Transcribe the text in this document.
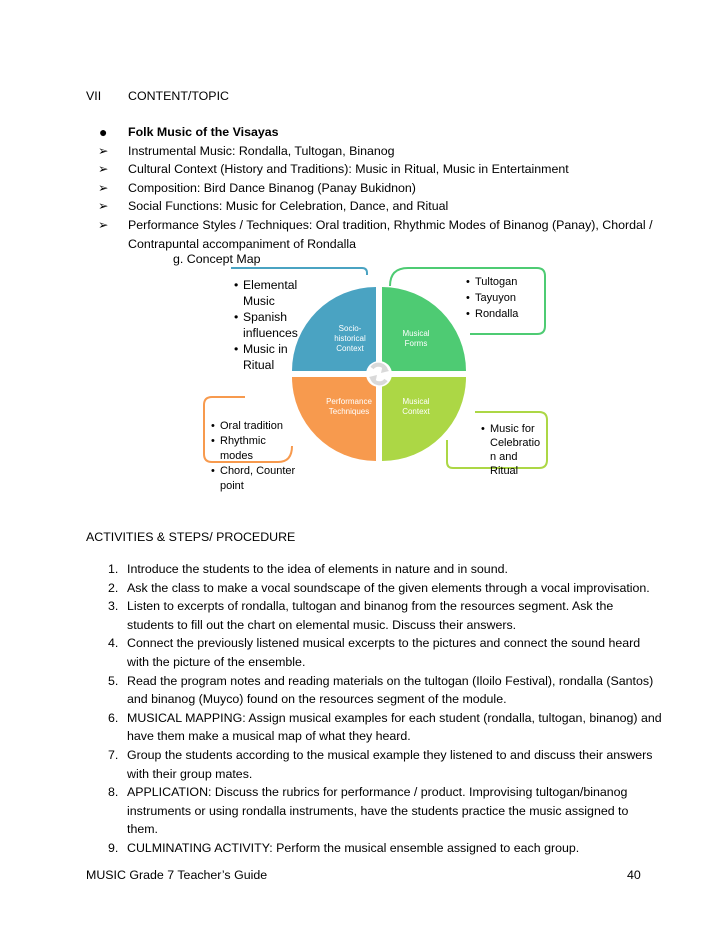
VII CONTENT/TOPIC
●	Folk Music of the Visayas
➢	Instrumental Music: Rondalla, Tultogan, Binanog
➢	Cultural Context (History and Traditions): Music in Ritual, Music in Entertainment
➢	Composition: Bird Dance Binanog (Panay Bukidnon)
➢	Social Functions: Music for Celebration, Dance, and Ritual
➢	Performance Styles / Techniques: Oral tradition, Rhythmic Modes of Binanog (Panay), Chordal /
Contrapuntal accompaniment of Rondalla
g. Concept Map
Socio-
historical
Context
Musical
Forms
Performance
Techniques
Musical
Context
• Elemental
Music
• Spanish
influences
• Music in
Ritual
• Tultogan
• Tayuyon
• Rondalla
• Oral tradition
• Rhythmic
modes
• Chord, Counter
point
• Music for
Celebratio
n and
Ritual
ACTIVITIES & STEPS/ PROCEDURE
1. Introduce the students to the idea of elements in nature and in sound.
2. Ask the class to make a vocal soundscape of the given elements through a vocal improvisation.
3. Listen to excerpts of rondalla, tultogan and binanog from the resources segment. Ask the
students to fill out the chart on elemental music. Discuss their answers.
4. Connect the previously listened musical excerpts to the pictures and connect the sound heard
with the picture of the ensemble.
5. Read the program notes and reading materials on the tultogan (Iloilo Festival), rondalla (Santos)
and binanog (Muyco) found on the resources segment of the module.
6. MUSICAL MAPPING: Assign musical examples for each student (rondalla, tultogan, binanog) and
have them make a musical map of what they heard.
7. Group the students according to the musical example they listened to and discuss their answers
with their group mates.
8. APPLICATION: Discuss the rubrics for performance / product. Improvising tultogan/binanog
instruments or using rondalla instruments, have the students practice the music assigned to
them.
9. CULMINATING ACTIVITY: Perform the musical ensemble assigned to each group.
MUSIC Grade 7 Teacher’s Guide	40
